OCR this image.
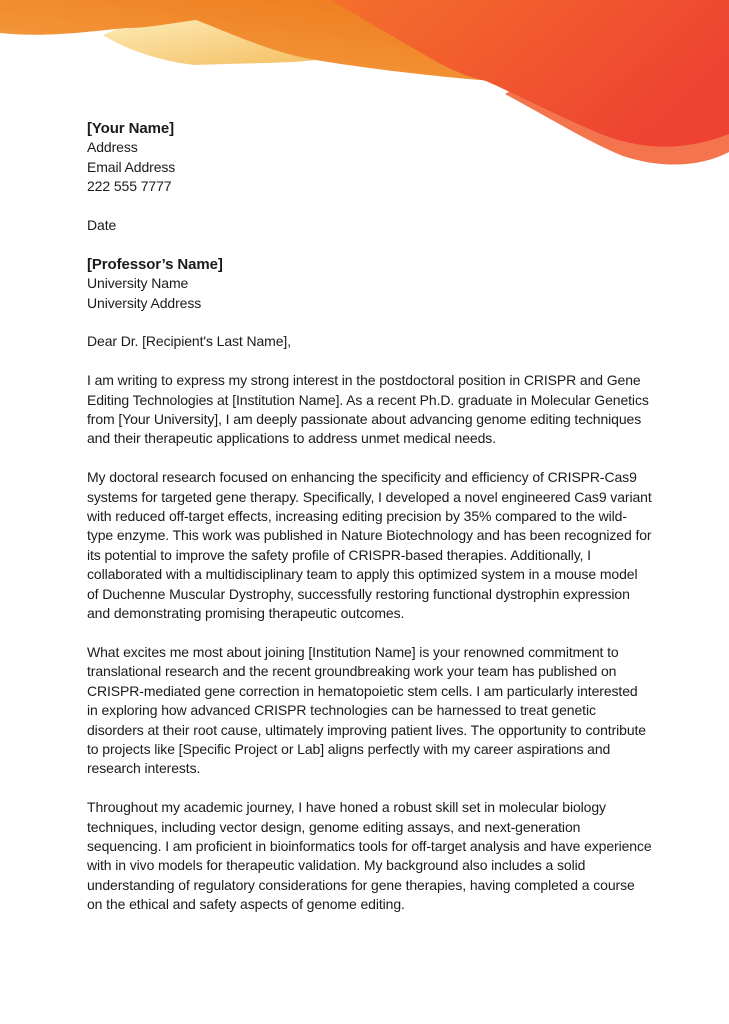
[Your Name]

Address

Email Address

222 555 7777

Date

[Professor’s Name]

University Name

University Address

Dear Dr. [Recipient's Last Name],

I am writing to express my strong interest in the postdoctoral position in CRISPR and Gene Editing Technologies at [Institution Name]. As a recent Ph.D. graduate in Molecular Genetics from [Your University], I am deeply passionate about advancing genome editing techniques and their therapeutic applications to address unmet medical needs.

My doctoral research focused on enhancing the specificity and efficiency of CRISPR-Cas9 systems for targeted gene therapy. Specifically, I developed a novel engineered Cas9 variant with reduced off-target effects, increasing editing precision by 35% compared to the wild-type enzyme. This work was published in Nature Biotechnology and has been recognized for its potential to improve the safety profile of CRISPR-based therapies. Additionally, I collaborated with a multidisciplinary team to apply this optimized system in a mouse model of Duchenne Muscular Dystrophy, successfully restoring functional dystrophin expression and demonstrating promising therapeutic outcomes.

What excites me most about joining [Institution Name] is your renowned commitment to translational research and the recent groundbreaking work your team has published on CRISPR-mediated gene correction in hematopoietic stem cells. I am particularly interested in exploring how advanced CRISPR technologies can be harnessed to treat genetic disorders at their root cause, ultimately improving patient lives. The opportunity to contribute to projects like [Specific Project or Lab] aligns perfectly with my career aspirations and research interests.

Throughout my academic journey, I have honed a robust skill set in molecular biology techniques, including vector design, genome editing assays, and next-generation sequencing. I am proficient in bioinformatics tools for off-target analysis and have experience with in vivo models for therapeutic validation. My background also includes a solid understanding of regulatory considerations for gene therapies, having completed a course on the ethical and safety aspects of genome editing.
